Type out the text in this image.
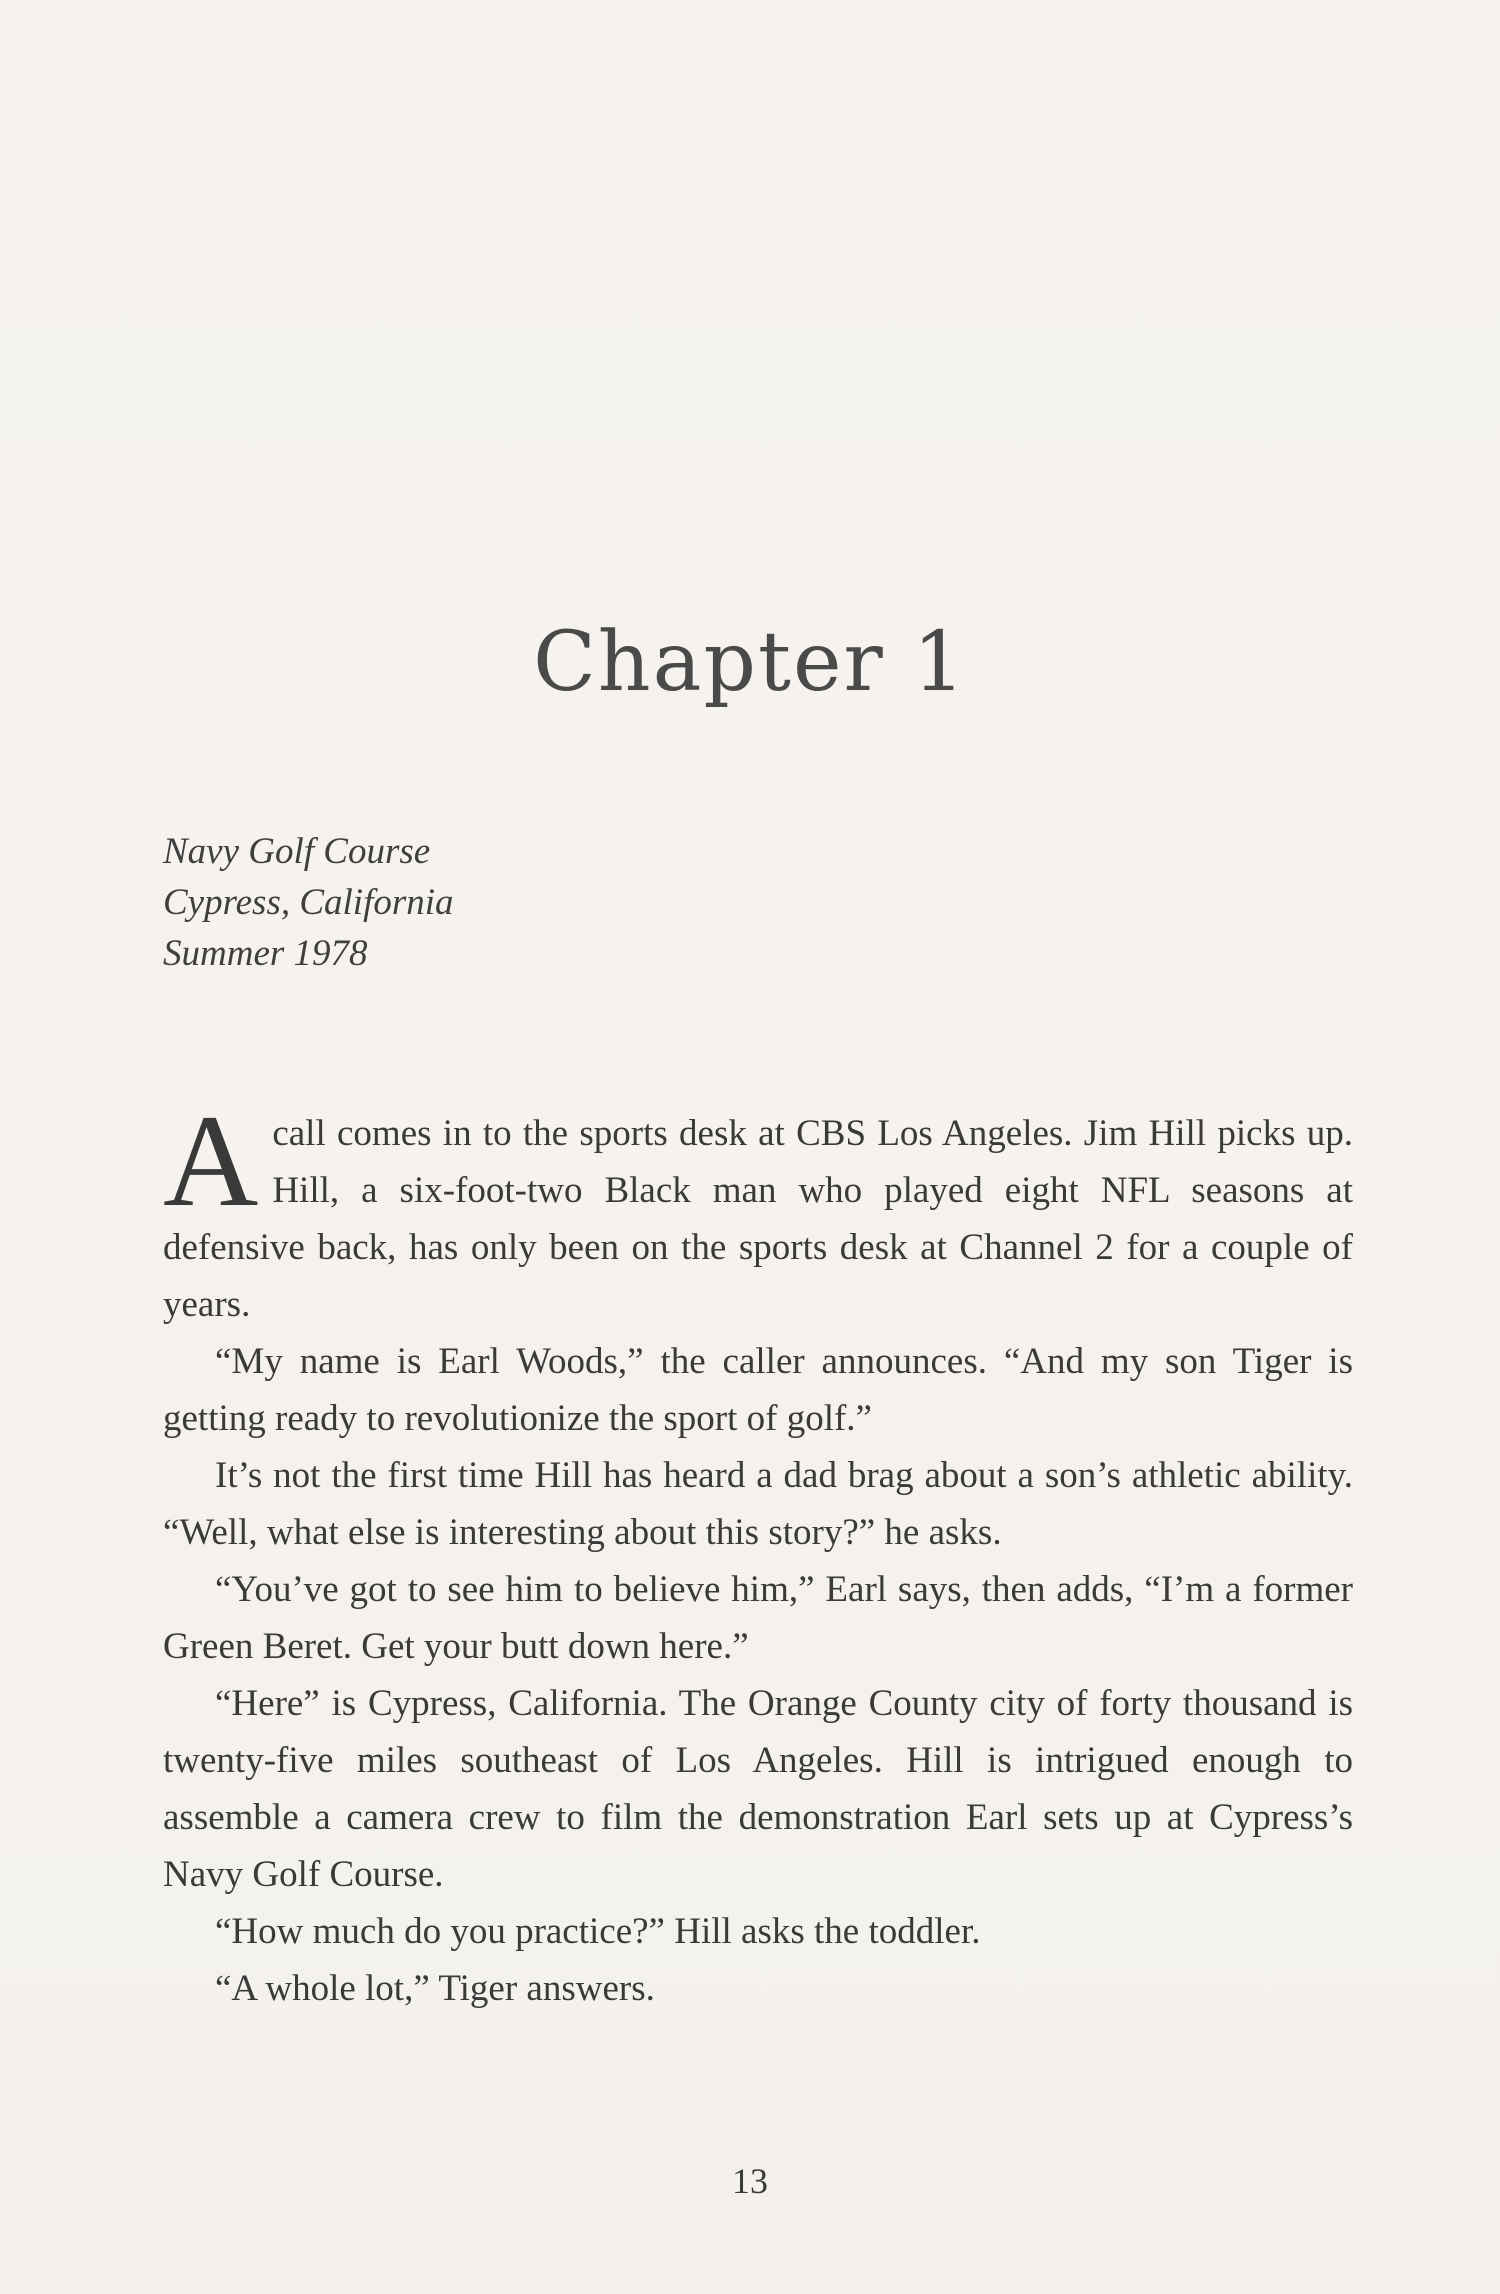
Chapter 1
Navy Golf Course
Cypress, California
Summer 1978

Acall comes in to the sports desk at CBS Los Angeles. Jim Hill picks up. Hill, a six-foot-two Black man who played eight NFL seasons at defensive back, has only been on the sports desk at Channel 2 for a couple of years.

“My name is Earl Woods,” the caller announces. “And my son Tiger is getting ready to revolutionize the sport of golf.”

It’s not the first time Hill has heard a dad brag about a son’s athletic ability. “Well, what else is interesting about this story?” he asks.

“You’ve got to see him to believe him,” Earl says, then adds, “I’m a former Green Beret. Get your butt down here.”

“Here” is Cypress, California. The Orange County city of forty thousand is twenty-five miles southeast of Los Angeles. Hill is intrigued enough to assemble a camera crew to film the demonstration Earl sets up at Cypress’s Navy Golf Course.

“How much do you practice?” Hill asks the toddler.

“A whole lot,” Tiger answers.

13
